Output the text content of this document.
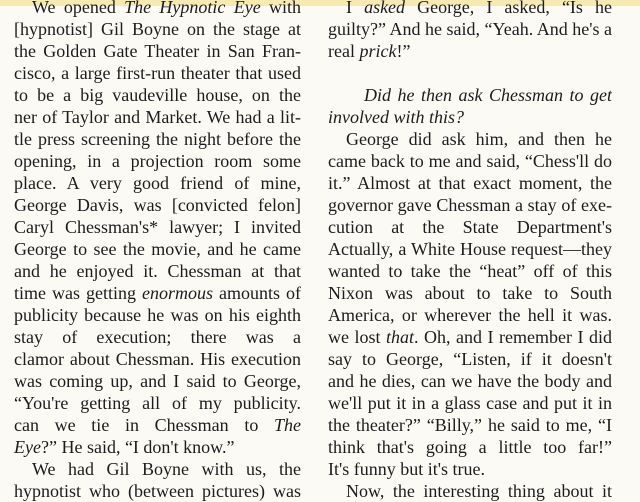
We opened The Hypnotic Eye with
[hypnotist] Gil Boyne on the stage at
the Golden Gate Theater in San Fran-
cisco, a large first-run theater that used
to be a big vaudeville house, on the
ner of Taylor and Market. We had a lit-
tle press screening the night before the
opening, in a projection room some
place. A very good friend of mine,
George Davis, was [convicted felon]
Caryl Chessman's* lawyer; I invited
George to see the movie, and he came
and he enjoyed it. Chessman at that
time was getting enormous amounts of
publicity because he was on his eighth
stay of execution; there was a
clamor about Chessman. His execution
was coming up, and I said to George,
“You're getting all of my publicity.
can we tie in Chessman to The
Eye?” He said, “I don't know.”
We had Gil Boyne with us, the
hypnotist who (between pictures) was
I asked George, I asked, “Is he
guilty?” And he said, “Yeah. And he's a
real prick!”
Did he then ask Chessman to get
involved with this?
George did ask him, and then he
came back to me and said, “Chess'll do
it.” Almost at that exact moment, the
governor gave Chessman a stay of exe-
cution at the State Department's
Actually, a White House request—they
wanted to take the “heat” off of this
Nixon was about to take to South
America, or wherever the hell it was.
we lost that. Oh, and I remember I did
say to George, “Listen, if it doesn't
and he dies, can we have the body and
we'll put it in a glass case and put it in
the theater?” “Billy,” he said to me, “I
think that's going a little too far!”
It's funny but it's true.
Now, the interesting thing about it
